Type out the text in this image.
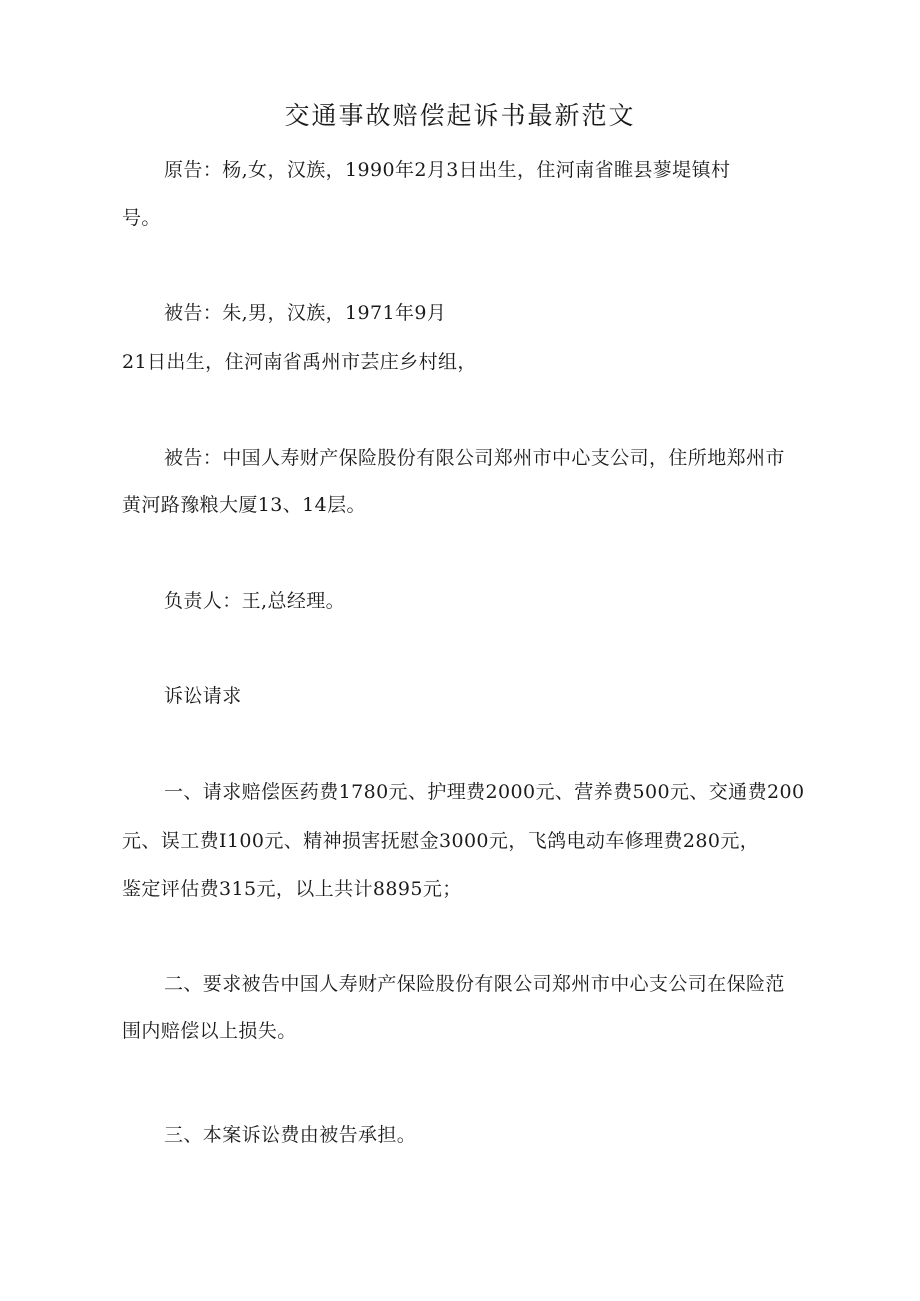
交通事故赔偿起诉书最新范文
原告：杨,女，汉族，1990年2月3日出生，住河南省睢县蓼堤镇村
号。
被告：朱,男，汉族，1971年9月
21日出生，住河南省禹州市芸庄乡村组，
被告：中国人寿财产保险股份有限公司郑州市中心支公司，住所地郑州市
黄河路豫粮大厦13、14层。
负责人：王,总经理。
诉讼请求
一、请求赔偿医药费1780元、护理费2000元、营养费500元、交通费200
元、误工费I100元、精神损害抚慰金3000元，飞鸽电动车修理费280元，
鉴定评估费315元，以上共计8895元；
二、要求被告中国人寿财产保险股份有限公司郑州市中心支公司在保险范
围内赔偿以上损失。
三、本案诉讼费由被告承担。
